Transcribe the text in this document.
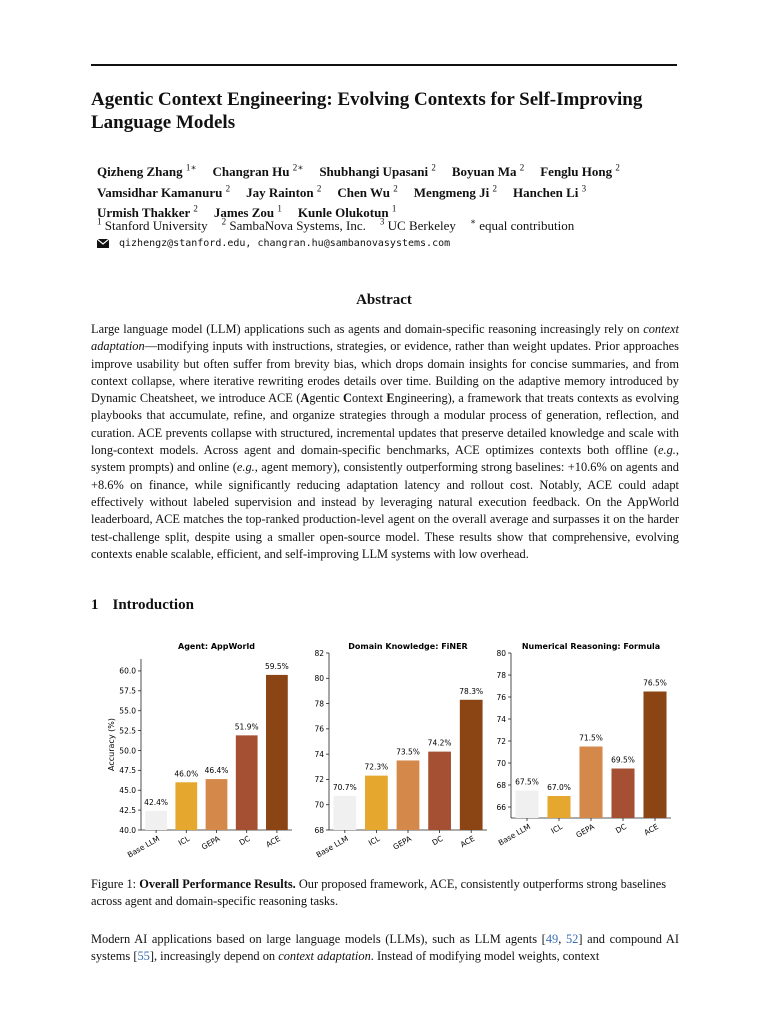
Agentic Context Engineering: Evolving Contexts for Self-Improving Language Models
Qizheng Zhang $^{1∗}$ Changran Hu $^{2∗}$ Shubhangi Upasani $^2$ Boyuan Ma $^2$ Fenglu Hong $^2$
Vamsidhar Kamanuru $^2$ Jay Rainton $^2$ Chen Wu $^2$ Mengmeng Ji $^2$ Hanchen Li $^3$
Urmish Thakker $^2$ James Zou $^1$ Kunle Olukotun $^1$
$^1$ Stanford University $^2$ SambaNova Systems, Inc. $^3$ UC Berkeley ∗ equal contribution
qizhengz@stanford.edu, changran.hu@sambanovasystems.com
Abstract
Large language model (LLM) applications such as agents and domain-specific reasoning increasingly rely on context adaptation—modifying inputs with instructions, strategies, or evidence, rather than weight updates. Prior approaches improve usability but often suffer from brevity bias, which drops domain insights for concise summaries, and from context collapse, where iterative rewriting erodes details over time. Building on the adaptive memory introduced by Dynamic Cheatsheet, we introduce ACE (Agentic Context Engineering), a framework that treats contexts as evolving playbooks that accumulate, refine, and organize strategies through a modular process of generation, reflection, and curation. ACE prevents collapse with structured, incremental updates that preserve detailed knowledge and scale with long-context models. Across agent and domain-specific benchmarks, ACE optimizes contexts both offline (e.g., system prompts) and online (e.g., agent memory), consistently outperforming strong baselines: +10.6% on agents and +8.6% on finance, while significantly reducing adaptation latency and rollout cost. Notably, ACE could adapt effectively without labeled supervision and instead by leveraging natural execution feedback. On the AppWorld leaderboard, ACE matches the top-ranked production-level agent on the overall average and surpasses it on the harder test-challenge split, despite using a smaller open-source model. These results show that comprehensive, evolving contexts enable scalable, efficient, and self-improving LLM systems with low overhead.
1 Introduction
Agent: AppWorld
Accuracy (%)
40.0
42.5
45.0
47.5
50.0
52.5
55.0
57.5
60.0
42.4%
Base LLM
46.0%
ICL
46.4%
GEPA
51.9%
DC
59.5%
ACE
Domain Knowledge: FiNER
68
70
72
74
76
78
80
82
70.7%
Base LLM
72.3%
ICL
73.5%
GEPA
74.2%
DC
78.3%
ACE
Numerical Reasoning: Formula
66
68
70
72
74
76
78
80
67.5%
Base LLM
67.0%
ICL
71.5%
GEPA
69.5%
DC
76.5%
ACE
Figure 1: Overall Performance Results. Our proposed framework, ACE, consistently outperforms strong baselines across agent and domain-specific reasoning tasks.
Modern AI applications based on large language models (LLMs), such as LLM agents [49, 52] and compound AI systems [55], increasingly depend on context adaptation. Instead of modifying model weights, context
